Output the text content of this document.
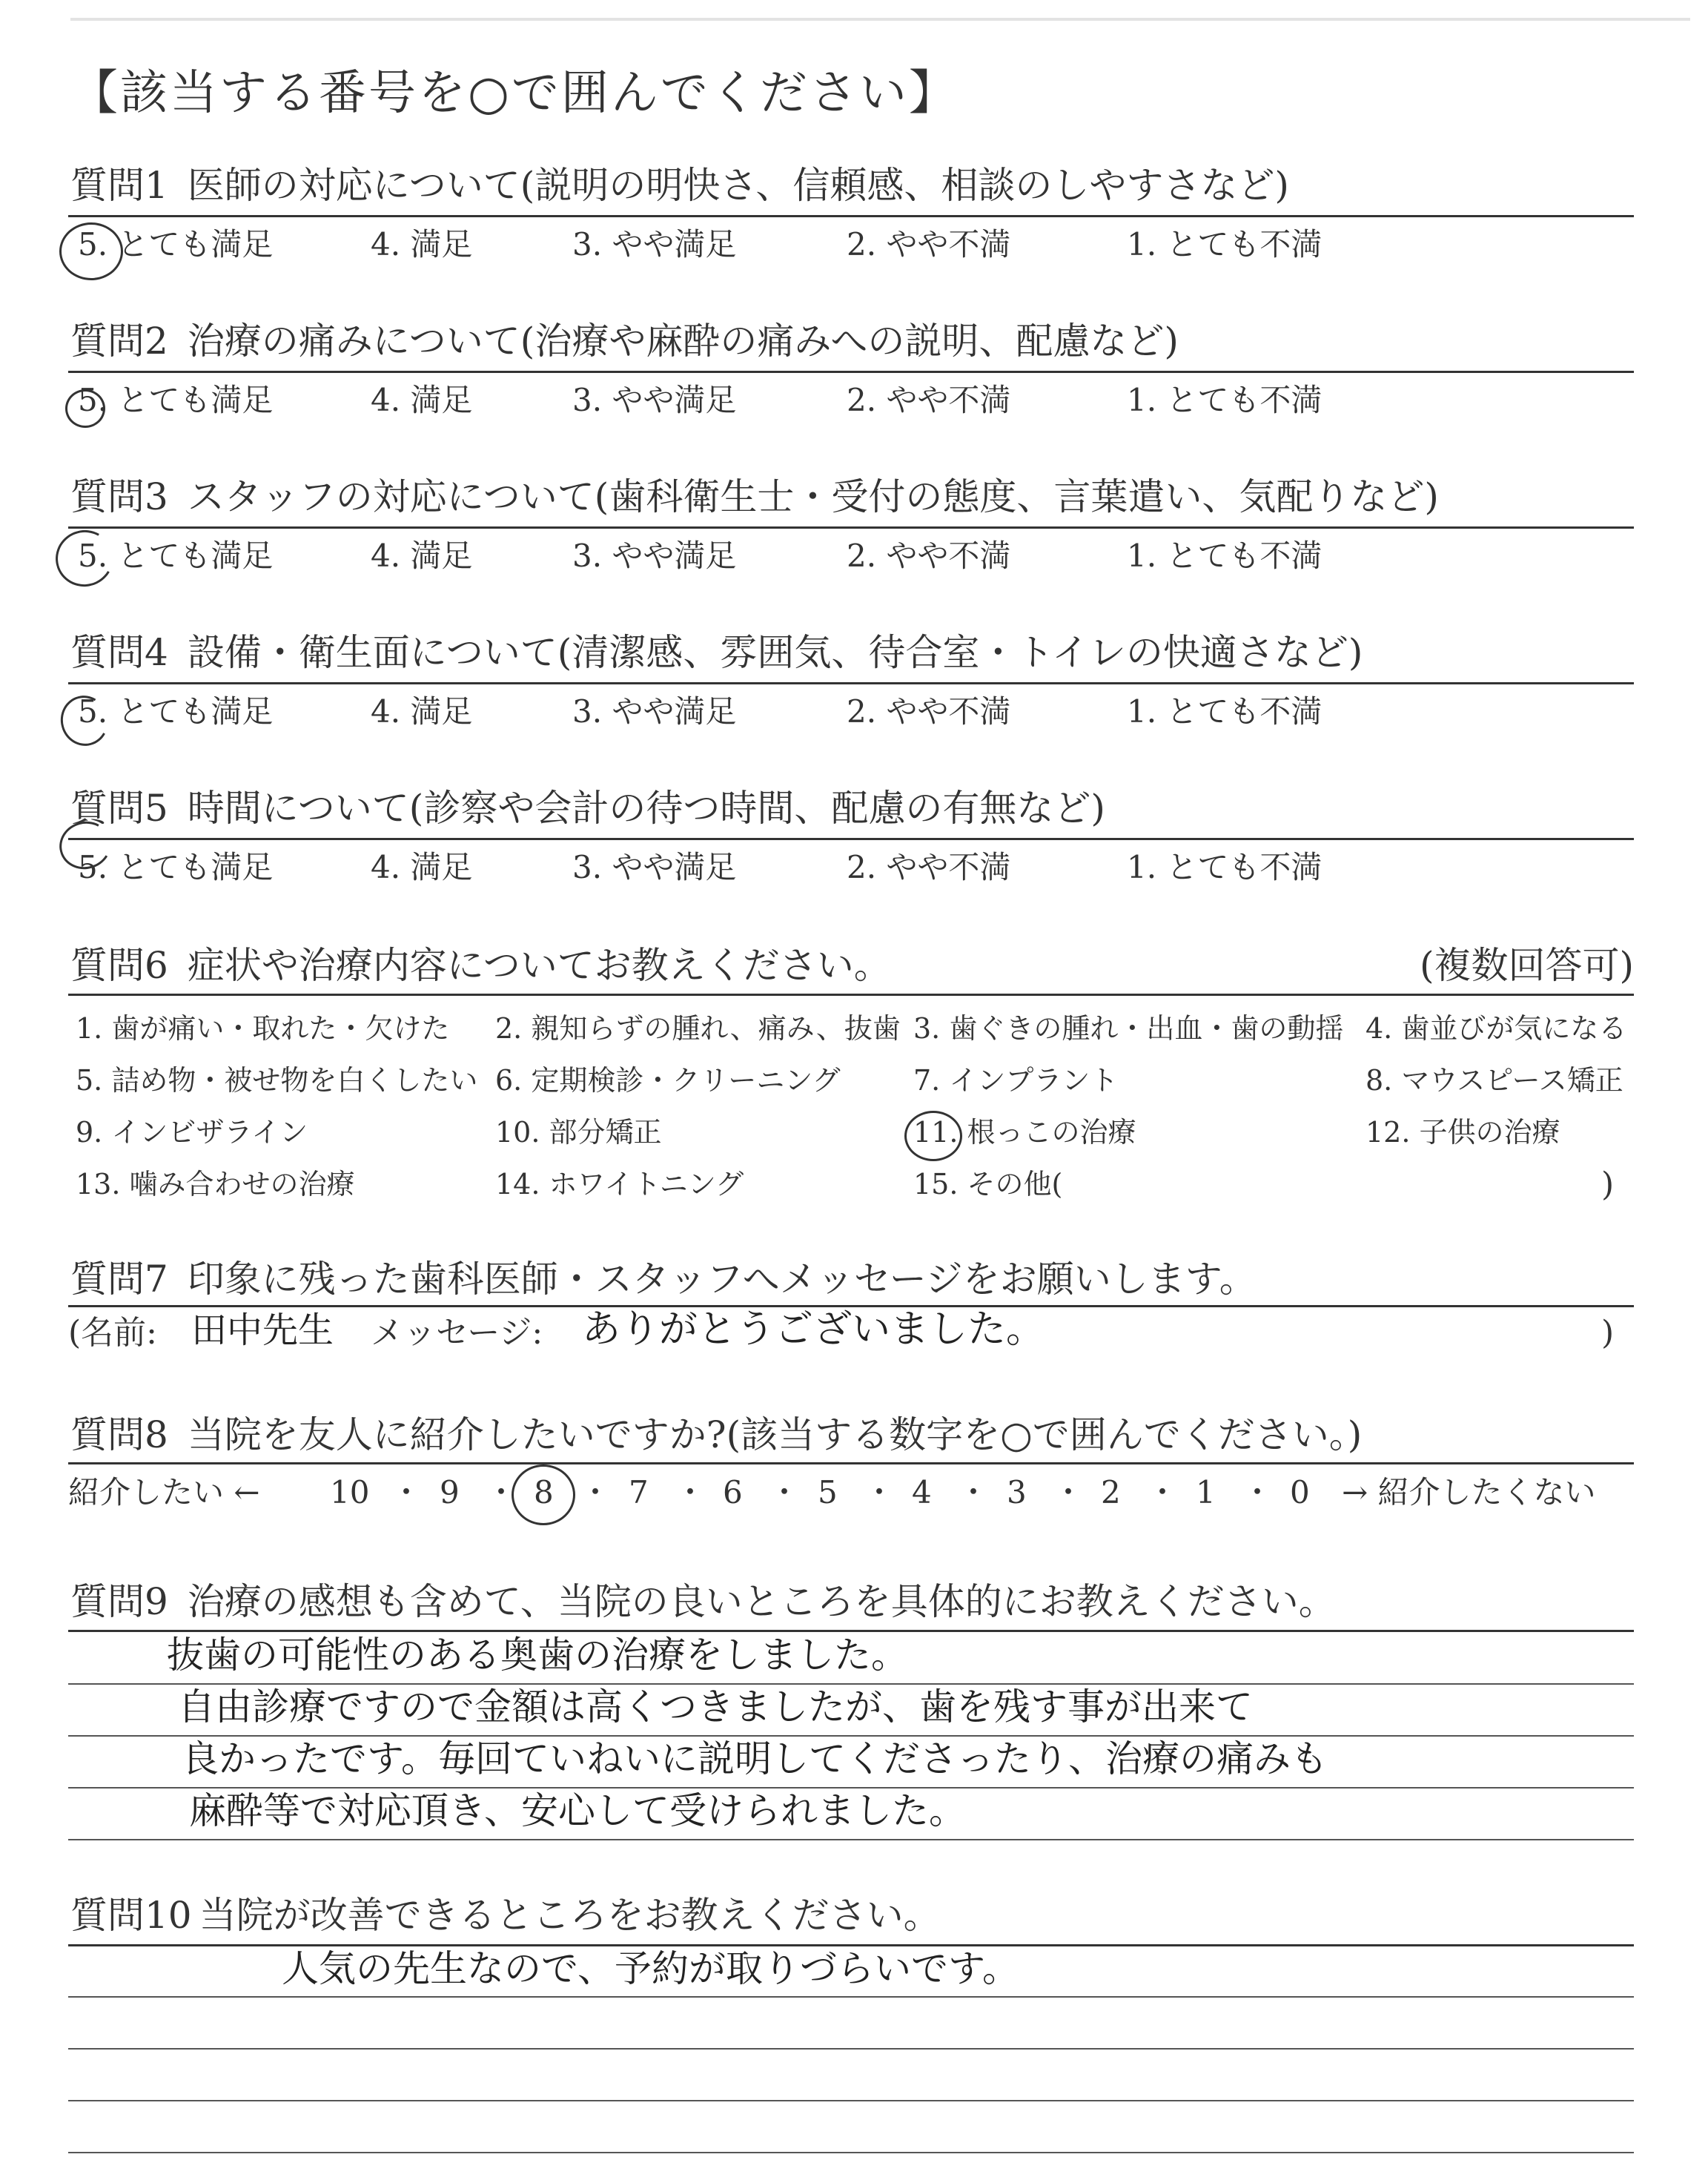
【該当する番号を○で囲んでください】
質問1 医師の対応について(説明の明快さ、信頼感、相談のしやすさなど)
5. とても満足	4. 満足	3. やや満足	2. やや不満	1. とても不満
質問2 治療の痛みについて(治療や麻酔の痛みへの説明、配慮など)
5. とても満足	4. 満足	3. やや満足	2. やや不満	1. とても不満
質問3 スタッフの対応について(歯科衛生士・受付の態度、言葉遣い、気配りなど)
5. とても満足	4. 満足	3. やや満足	2. やや不満	1. とても不満
質問4 設備・衛生面について(清潔感、雰囲気、待合室・トイレの快適さなど)
5. とても満足	4. 満足	3. やや満足	2. やや不満	1. とても不満
質問5 時間について(診察や会計の待つ時間、配慮の有無など)
5. とても満足	4. 満足	3. やや満足	2. やや不満	1. とても不満
質問6 症状や治療内容についてお教えください。	(複数回答可)
1. 歯が痛い・取れた・欠けた 2. 親知らずの腫れ、痛み、抜歯 3. 歯ぐきの腫れ・出血・歯の動揺 4. 歯並びが気になる
5. 詰め物・被せ物を白くしたい 6. 定期検診・クリーニング	7. インプラント	8. マウスピース矯正
9. インビザライン	10. 部分矯正	11. 根っこの治療	12. 子供の治療
13. 噛み合わせの治療	14. ホワイトニング	15. その他(	)
質問7 印象に残った歯科医師・スタッフへメッセージをお願いします。
(名前: 田中先生 メッセージ: ありがとうございました。	)
質問8 当院を友人に紹介したいですか?(該当する数字を○で囲んでください。)
紹介したい ←	→ 紹介したくない
10 ・ 9 ・ 8 ・ 7 ・ 6 ・ 5 ・ 4 ・ 3 ・ 2 ・ 1 ・ 0
質問9 治療の感想も含めて、当院の良いところを具体的にお教えください。
抜歯の可能性のある奥歯の治療をしました。
自由診療ですので金額は高くつきましたが、歯を残す事が出来て
良かったです。毎回ていねいに説明してくださったり、治療の痛みも
麻酔等で対応頂き、安心して受けられました。
質問10 当院が改善できるところをお教えください。
人気の先生なので、予約が取りづらいです。
